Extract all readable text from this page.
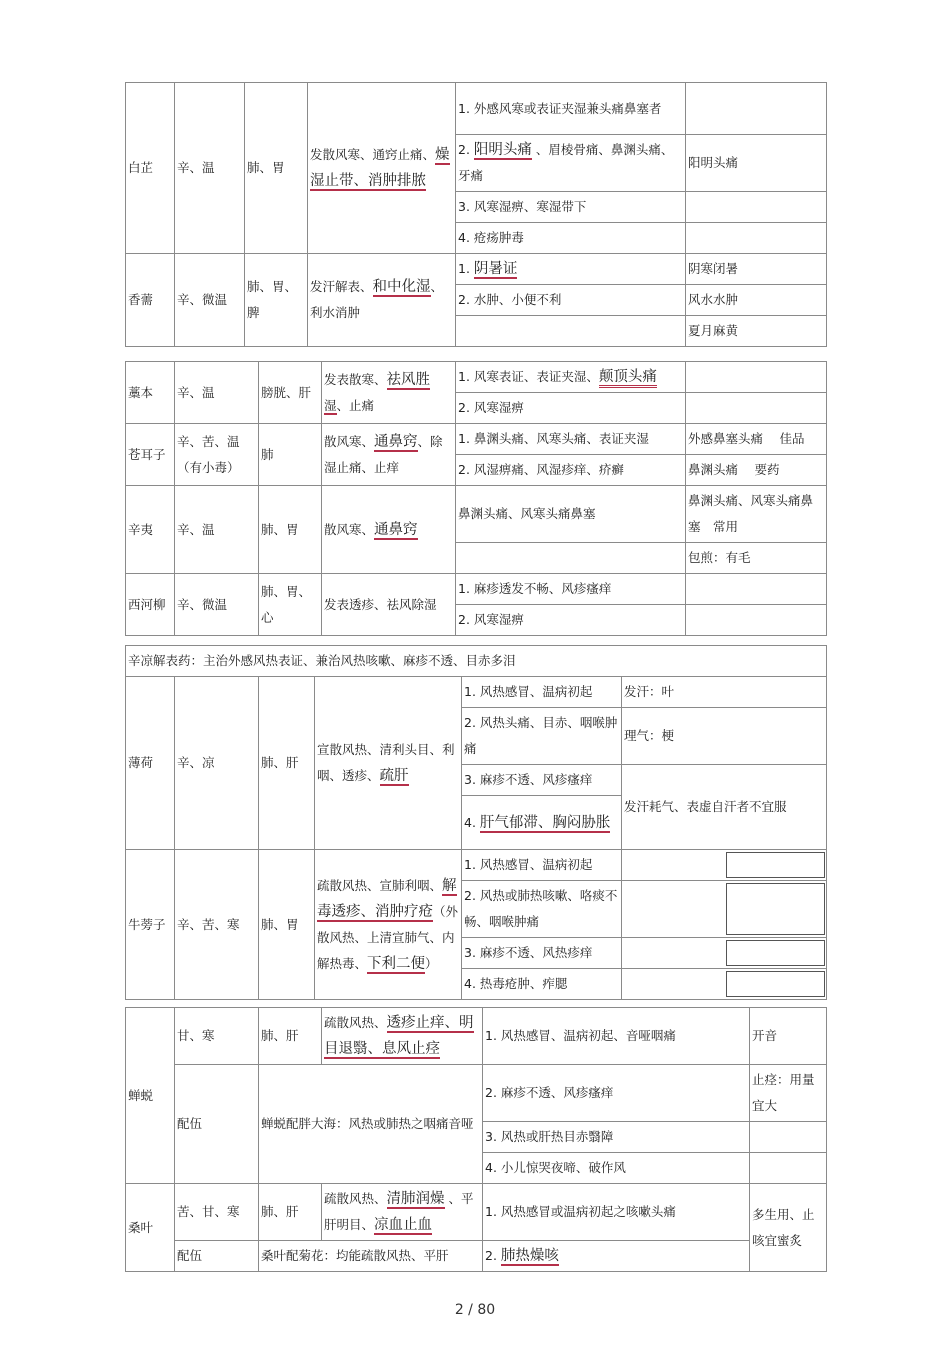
白芷	辛、温	肺、胃	发散风寒、通窍止痛、燥湿止带、消肿排脓	1. 外感风寒或表证夹湿兼头痛鼻塞者	
				2. 阳明头痛 、眉棱骨痛、鼻渊头痛、牙痛	阳明头痛
				3. 风寒湿痹、寒湿带下	
				4. 疮疡肿毒	
香薷	辛、微温	肺、胃、脾	发汗解表、和中化湿、利水消肿	1. 阴暑证	阴寒闭暑
				2. 水肿、小便不利	风水水肿
					夏月麻黄
藁本	辛、温	膀胱、肝	发表散寒、祛风胜湿、止痛	1. 风寒表证、表证夹湿、颠顶头痛	
				2. 风寒湿痹	
苍耳子	辛、苦、温（有小毒）	肺	散风寒、通鼻窍、除湿止痛、止痒	1. 鼻渊头痛、风寒头痛、表证夹湿	外感鼻塞头痛　 佳品
				2. 风湿痹痛、风湿疹痒、疥癣	鼻渊头痛　 要药
辛夷	辛、温	肺、胃	散风寒、通鼻窍	鼻渊头痛、风寒头痛鼻塞	鼻渊头痛、风寒头痛鼻塞　常用
					包煎：有毛
西河柳	辛、微温	肺、胃、心	发表透疹、祛风除湿	1. 麻疹透发不畅、风疹瘙痒	
				2. 风寒湿痹	
辛凉解表药：主治外感风热表证、兼治风热咳嗽、麻疹不透、目赤多泪					
薄荷	辛、凉	肺、肝	宣散风热、清利头目、利咽、透疹、疏肝	1. 风热感冒、温病初起	发汗：叶
				2. 风热头痛、目赤、咽喉肿痛	理气：梗
				3. 麻疹不透、风疹瘙痒	发汗耗气、表虚自汗者不宜服
				4. 肝气郁滞、胸闷胁胀	

牛蒡子	辛、苦、寒	肺、胃	疏散风热、宣肺利咽、解毒透疹、消肿疗疮（外散风热、上清宣肺气、内解热毒、下利二便）	1. 风热感冒、温病初起	

				2. 风热或肺热咳嗽、咯痰不畅、咽喉肿痛	

				3. 麻疹不透、风热疹痒	

				4. 热毒疮肿、痄腮	
蝉蜕	甘、寒	肺、肝	疏散风热、透疹止痒、明目退翳、息风止痉	1. 风热感冒、温病初起、音哑咽痛	开音
	配伍	蝉蜕配胖大海：风热或肺热之咽痛音哑		2. 麻疹不透、风疹瘙痒	止痉：用量宜大
				3. 风热或肝热目赤翳障	
				4. 小儿惊哭夜啼、破作风	

桑叶	苦、甘、寒	肺、肝	疏散风热、清肺润燥 、平肝明目、凉血止血	1. 风热感冒或温病初起之咳嗽头痛	多生用、止咳宜蜜炙
	配伍	桑叶配菊花：均能疏散风热、平肝		2. 肺热燥咳	
2 / 80
